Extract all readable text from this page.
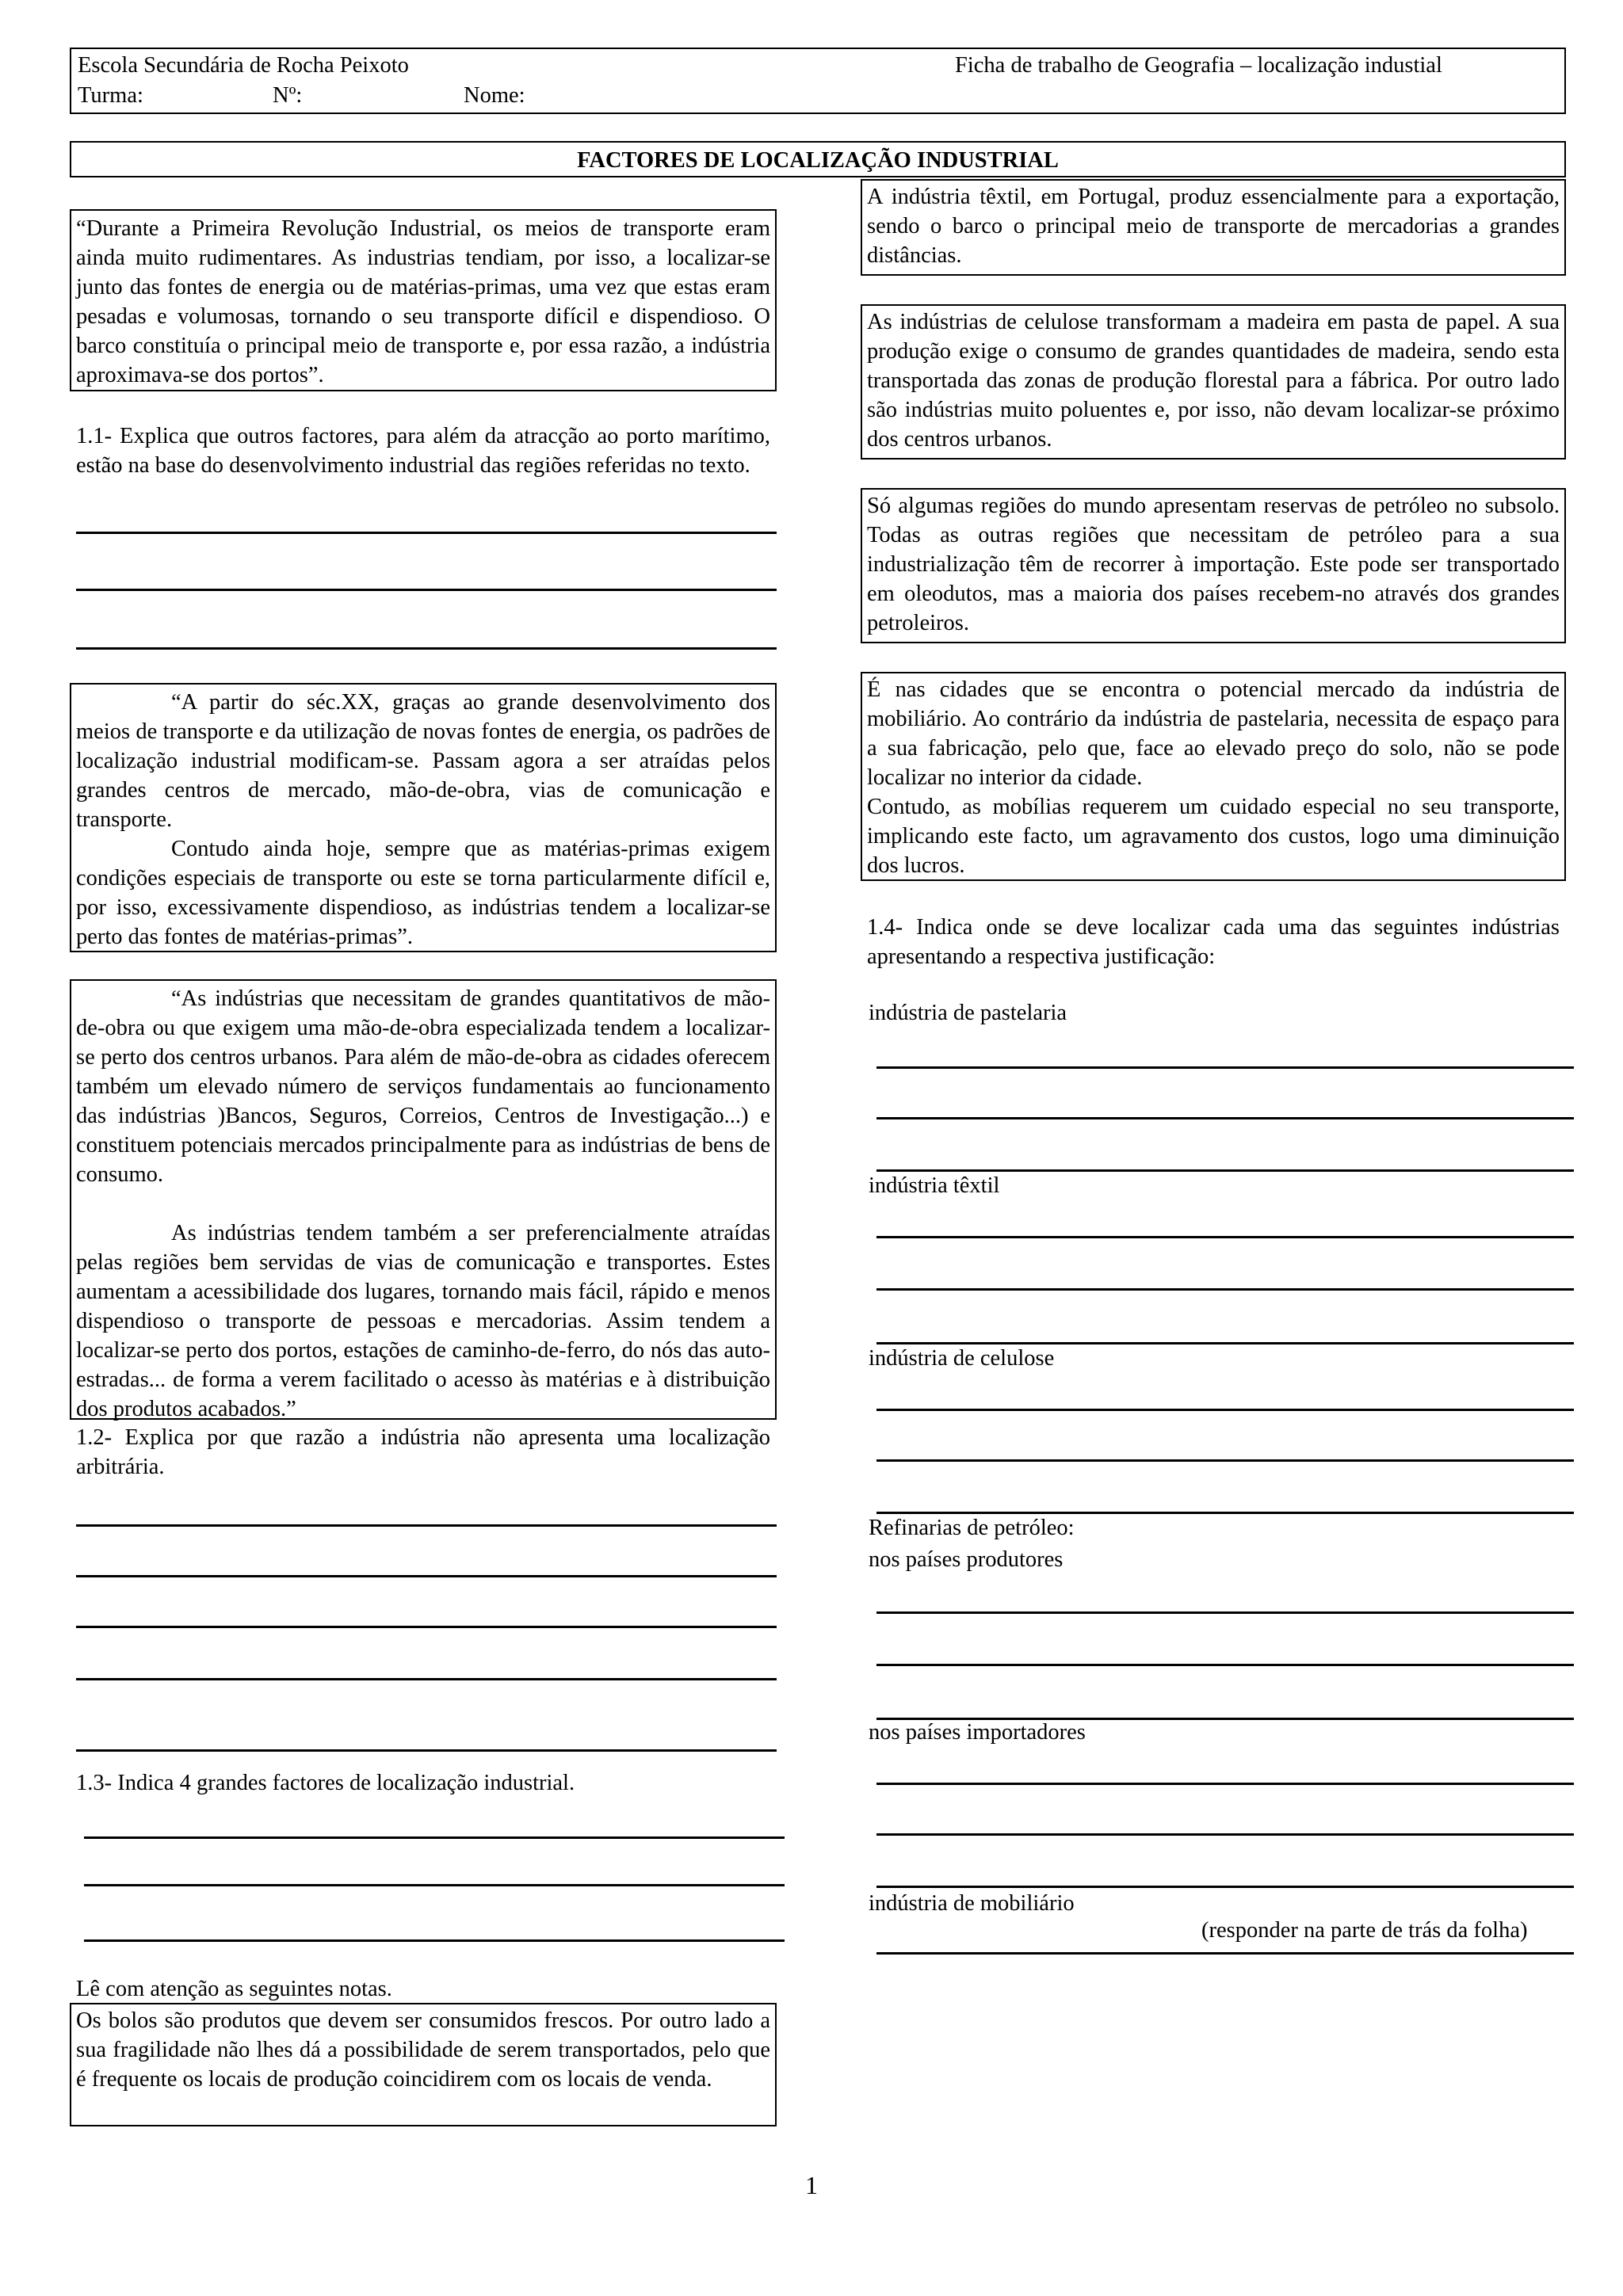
Escola Secundária de Rocha Peixoto	Ficha de trabalho de Geografia – localização industial
Turma:	Nº:	Nome:
FACTORES DE LOCALIZAÇÃO INDUSTRIAL

“Durante a Primeira Revolução Industrial, os meios de transporte eram ainda muito rudimentares. As industrias tendiam, por isso, a localizar-se junto das fontes de energia ou de matérias-primas, uma vez que estas eram pesadas e volumosas, tornando o seu transporte difícil e dispendioso. O barco constituía o principal meio de transporte e, por essa razão, a indústria aproximava-se dos portos”.

1.1- Explica que outros factores, para além da atracção ao porto marítimo, estão na base do desenvolvimento industrial das regiões referidas no texto.

“A partir do séc.XX, graças ao grande desenvolvimento dos meios de transporte e da utilização de novas fontes de energia, os padrões de localização industrial modificam-se. Passam agora a ser atraídas pelos grandes centros de mercado, mão-de-obra, vias de comunicação e transporte.

Contudo ainda hoje, sempre que as matérias-primas exigem condições especiais de transporte ou este se torna particularmente difícil e, por isso, excessivamente dispendioso, as indústrias tendem a localizar-se perto das fontes de matérias-primas”.

“As indústrias que necessitam de grandes quantitativos de mão-de-obra ou que exigem uma mão-de-obra especializada tendem a localizar-se perto dos centros urbanos. Para além de mão-de-obra as cidades oferecem também um elevado número de serviços fundamentais ao funcionamento das indústrias )Bancos, Seguros, Correios, Centros de Investigação...) e constituem potenciais mercados principalmente para as indústrias de bens de consumo.

As indústrias tendem também a ser preferencialmente atraídas pelas regiões bem servidas de vias de comunicação e transportes. Estes aumentam a acessibilidade dos lugares, tornando mais fácil, rápido e menos dispendioso o transporte de pessoas e mercadorias. Assim tendem a localizar-se perto dos portos, estações de caminho-de-ferro, do nós das auto-estradas... de forma a verem facilitado o acesso às matérias e à distribuição dos produtos acabados.”

1.2- Explica por que razão a indústria não apresenta uma localização arbitrária.

1.3- Indica 4 grandes factores de localização industrial.

Lê com atenção as seguintes notas.

Os bolos são produtos que devem ser consumidos frescos. Por outro lado a sua fragilidade não lhes dá a possibilidade de serem transportados, pelo que é frequente os locais de produção coincidirem com os locais de venda.

A indústria têxtil, em Portugal, produz essencialmente para a exportação, sendo o barco o principal meio de transporte de mercadorias a grandes distâncias.

As indústrias de celulose transformam a madeira em pasta de papel. A sua produção exige o consumo de grandes quantidades de madeira, sendo esta transportada das zonas de produção florestal para a fábrica. Por outro lado são indústrias muito poluentes e, por isso, não devam localizar-se próximo dos centros urbanos.

Só algumas regiões do mundo apresentam reservas de petróleo no subsolo. Todas as outras regiões que necessitam de petróleo para a sua industrialização têm de recorrer à importação. Este pode ser transportado em oleodutos, mas a maioria dos países recebem-no através dos grandes petroleiros.

É nas cidades que se encontra o potencial mercado da indústria de mobiliário. Ao contrário da indústria de pastelaria, necessita de espaço para a sua fabricação, pelo que, face ao elevado preço do solo, não se pode localizar no interior da cidade.

Contudo, as mobílias requerem um cuidado especial no seu transporte, implicando este facto, um agravamento dos custos, logo uma diminuição dos lucros.

1.4- Indica onde se deve localizar cada uma das seguintes indústrias apresentando a respectiva justificação:

indústria de pastelaria
indústria têxtil
indústria de celulose
Refinarias de petróleo:
nos países produtores
nos países importadores
indústria de mobiliário
(responder na parte de trás da folha)
1
